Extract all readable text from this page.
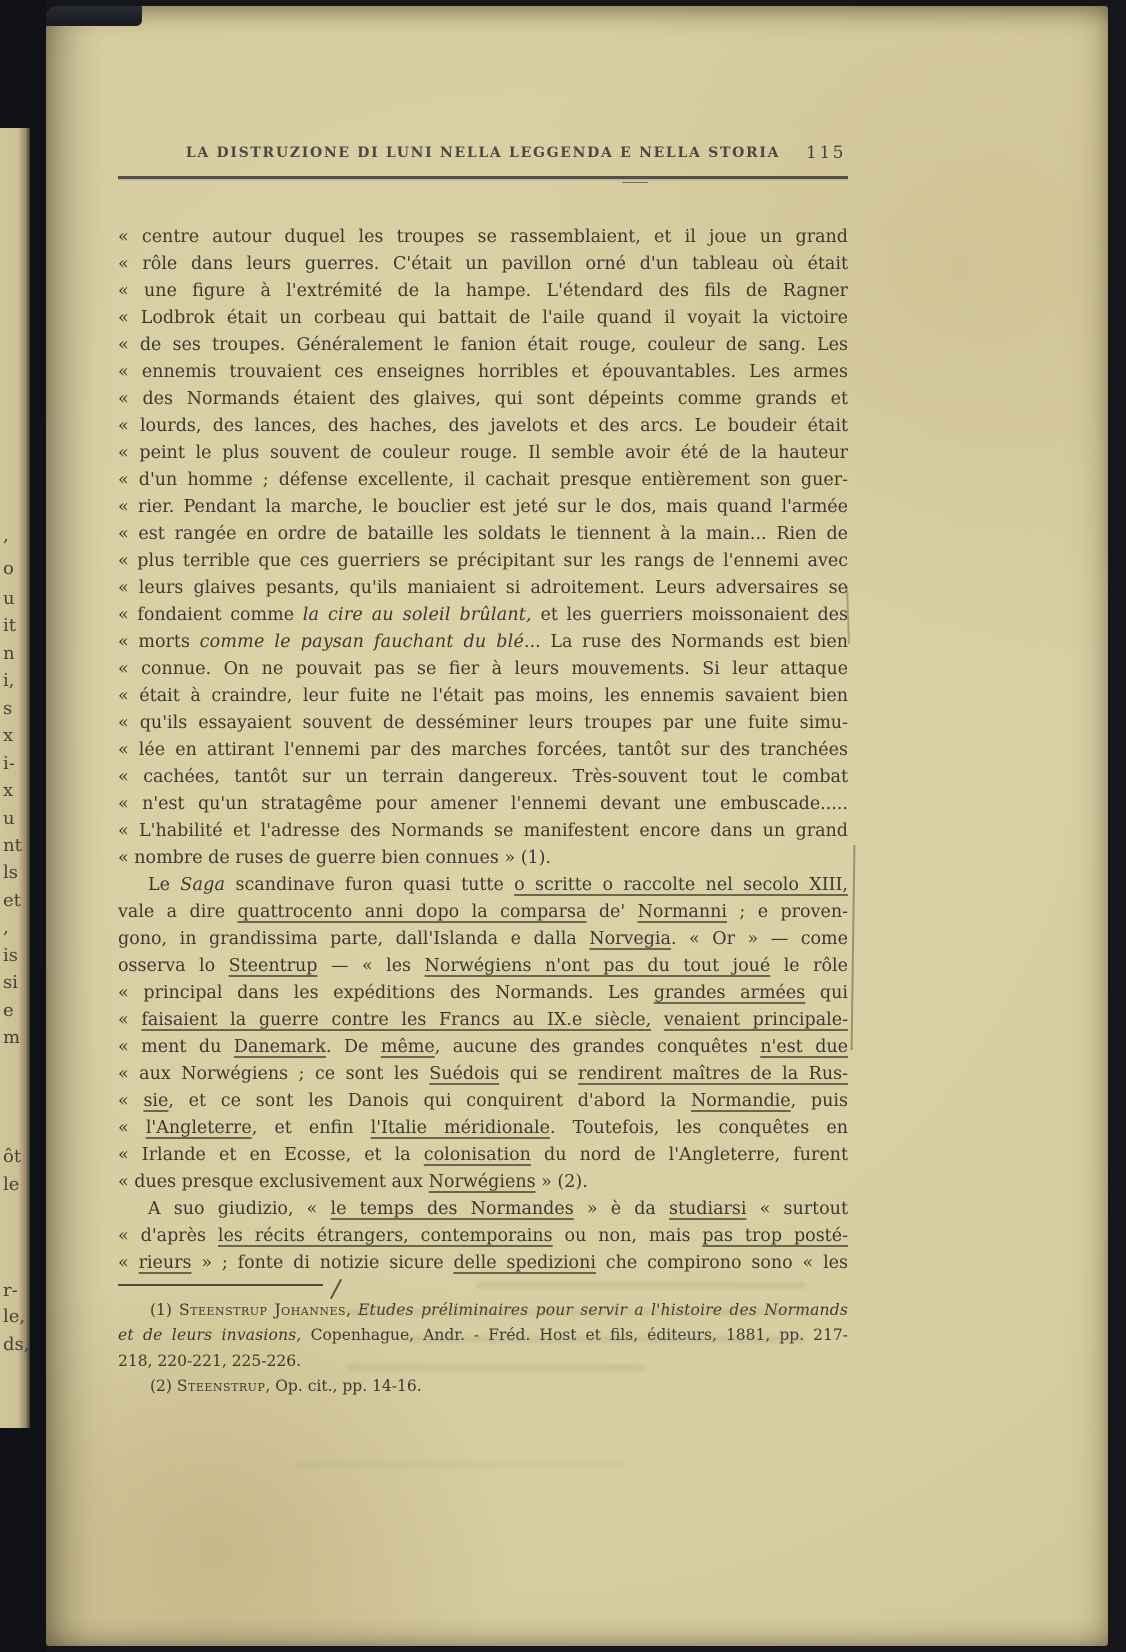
,
o
u
it
n
i,
s
x
i-
x
u
nt
ls
et
,
is
si
e
m
ôt
le
r-
le,
ds,
LA DISTRUZIONE DI LUNI NELLA LEGGENDA E NELLA STORIA	115
« centre autour duquel les troupes se rassemblaient, et il joue un grand
« rôle dans leurs guerres. C'était un pavillon orné d'un tableau où était
« une figure à l'extrémité de la hampe. L'étendard des fils de Ragner
« Lodbrok était un corbeau qui battait de l'aile quand il voyait la victoire
« de ses troupes. Généralement le fanion était rouge, couleur de sang. Les
« ennemis trouvaient ces enseignes horribles et épouvantables. Les armes
« des Normands étaient des glaives, qui sont dépeints comme grands et
« lourds, des lances, des haches, des javelots et des arcs. Le boudeir était
« peint le plus souvent de couleur rouge. Il semble avoir été de la hauteur
« d'un homme ; défense excellente, il cachait presque entièrement son guer-
« rier. Pendant la marche, le bouclier est jeté sur le dos, mais quand l'armée
« est rangée en ordre de bataille les soldats le tiennent à la main... Rien de
« plus terrible que ces guerriers se précipitant sur les rangs de l'ennemi avec
« leurs glaives pesants, qu'ils maniaient si adroitement. Leurs adversaires se
« fondaient comme la cire au soleil brûlant, et les guerriers moissonaient des
« morts comme le paysan fauchant du blé... La ruse des Normands est bien
« connue. On ne pouvait pas se fier à leurs mouvements. Si leur attaque
« était à craindre, leur fuite ne l'était pas moins, les ennemis savaient bien
« qu'ils essayaient souvent de desséminer leurs troupes par une fuite simu-
« lée en attirant l'ennemi par des marches forcées, tantôt sur des tranchées
« cachées, tantôt sur un terrain dangereux. Très-souvent tout le combat
« n'est qu'un stratagême pour amener l'ennemi devant une embuscade.....
« L'habilité et l'adresse des Normands se manifestent encore dans un grand
« nombre de ruses de guerre bien connues » (1).
Le Saga scandinave furon quasi tutte o scritte o raccolte nel secolo XIII,
vale a dire quattrocento anni dopo la comparsa de' Normanni ; e proven-
gono, in grandissima parte, dall'Islanda e dalla Norvegia. « Or » — come
osserva lo Steentrup — « les Norwégiens n'ont pas du tout joué le rôle
« principal dans les expéditions des Normands. Les grandes armées qui
« faisaient la guerre contre les Francs au IX.e siècle, venaient principale-
« ment du Danemark. De même, aucune des grandes conquêtes n'est due
« aux Norwégiens ; ce sont les Suédois qui se rendirent maîtres de la Rus-
« sie, et ce sont les Danois qui conquirent d'abord la Normandie, puis
« l'Angleterre, et enfin l'Italie méridionale. Toutefois, les conquêtes en
« Irlande et en Ecosse, et la colonisation du nord de l'Angleterre, furent
« dues presque exclusivement aux Norwégiens » (2).
A suo giudizio, « le temps des Normandes » è da studiarsi « surtout
« d'après les récits étrangers, contemporains ou non, mais pas trop posté-
« rieurs » ; fonte di notizie sicure delle spedizioni che compirono sono « les
(1) Steenstrup Johannes, Etudes préliminaires pour servir a l'histoire des Normands
et de leurs invasions, Copenhague, Andr. - Fréd. Host et fils, éditeurs, 1881, pp. 217-
218, 220-221, 225-226.
(2) Steenstrup, Op. cit., pp. 14-16.
